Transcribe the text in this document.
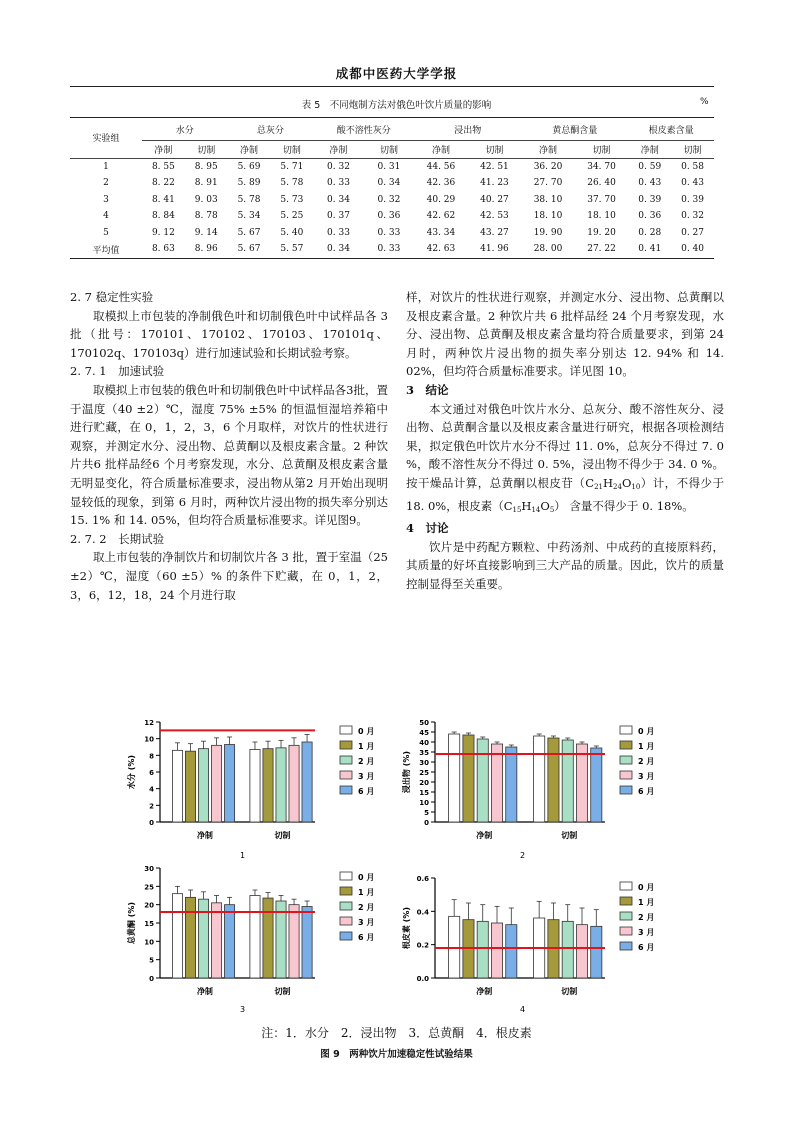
成都中医药大学学报
表 5　不同炮制方法对俄色叶饮片质量的影响	%
实验组	水分		总灰分		酸不溶性灰分		浸出物		黄总酮含量		根皮素含量	
	净制	切制	净制	切制	净制	切制	净制	切制	净制	切制	净制	切制
1	8. 55	8. 95	5. 69	5. 71	0. 32	0. 31	44. 56	42. 51	36. 20	34. 70	0. 59	0. 58
2	8. 22	8. 91	5. 89	5. 78	0. 33	0. 34	42. 36	41. 23	27. 70	26. 40	0. 43	0. 43
3	8. 41	9. 03	5. 78	5. 73	0. 34	0. 32	40. 29	40. 27	38. 10	37. 70	0. 39	0. 39
4	8. 84	8. 78	5. 34	5. 25	0. 37	0. 36	42. 62	42. 53	18. 10	18. 10	0. 36	0. 32
5	9. 12	9. 14	5. 67	5. 40	0. 33	0. 33	43. 34	43. 27	19. 90	19. 20	0. 28	0. 27
平均值	8. 63	8. 96	5. 67	5. 57	0. 34	0. 33	42. 63	41. 96	28. 00	27. 22	0. 41	0. 40

2. 7 稳定性实验

取模拟上市包装的净制俄色叶和切制俄色叶中试样品各 3 批（批号：170101、170102、170103、170101q、170102q、170103q）进行加速试验和长期试验考察。

2. 7. 1　加速试验

取模拟上市包装的俄色叶和切制俄色叶中试样品各3批，置于温度（40 ±2）℃，湿度 75% ±5% 的恒温恒湿培养箱中进行贮藏，在 0，1，2，3，6 个月取样，对饮片的性状进行观察，并测定水分、浸出物、总黄酮以及根皮素含量。2 种饮片共6 批样品经6 个月考察发现，水分、总黄酮及根皮素含量无明显变化，符合质量标准要求，浸出物从第2 月开始出现明显较低的现象，到第 6 月时，两种饮片浸出物的损失率分别达 15. 1% 和 14. 05%，但均符合质量标准要求。详见图9。

2. 7. 2　长期试验

取上市包装的净制饮片和切制饮片各 3 批，置于室温（25 ±2）℃，湿度（60 ±5）% 的条件下贮藏，在 0，1，2，3，6，12，18，24 个月进行取

样，对饮片的性状进行观察，并测定水分、浸出物、总黄酮以及根皮素含量。2 种饮片共 6 批样品经 24 个月考察发现，水分、浸出物、总黄酮及根皮素含量均符合质量要求，到第 24 月时，两种饮片浸出物的损失率分别达 12. 94% 和 14. 02%，但均符合质量标准要求。详见图 10。

3　结论

本文通过对俄色叶饮片水分、总灰分、酸不溶性灰分、浸出物、总黄酮含量以及根皮素含量进行研究，根据各项检测结果，拟定俄色叶饮片水分不得过 11. 0%，总灰分不得过 7. 0 %，酸不溶性灰分不得过 0. 5%，浸出物不得少于 34. 0 %。按干燥品计算，总黄酮以根皮苷$(C_{21}H_{24}O_{10})$计，不得少于 18. 0%，根皮素$(C_{15}H_{14}O_5)$ 含量不得少于 0. 18%。

4　讨论

饮片是中药配方颗粒、中药汤剂、中成药的直接原料药，其质量的好坏直接影响到三大产品的质量。因此，饮片的质量控制显得至关重要。

0
2
4
6
8
10
12
水分 (%)
净制	切制
0 月
1 月
2 月
3 月
6 月
1
0
5
10
15
20
25
30
35
40
45
50
浸出物 (%)
净制	切制
0 月
1 月
2 月
3 月
6 月
2
0
5
10
15
20
25
30
总黄酮 (%)
净制	切制
0 月
1 月
2 月
3 月
6 月
3
0.0
0.2
0.4
0.6
根皮素 (%)
净制	切制
0 月
1 月
2 月
3 月
6 月
4
注：1．水分　2．浸出物　3．总黄酮　4．根皮素
图 9　两种饮片加速稳定性试验结果
